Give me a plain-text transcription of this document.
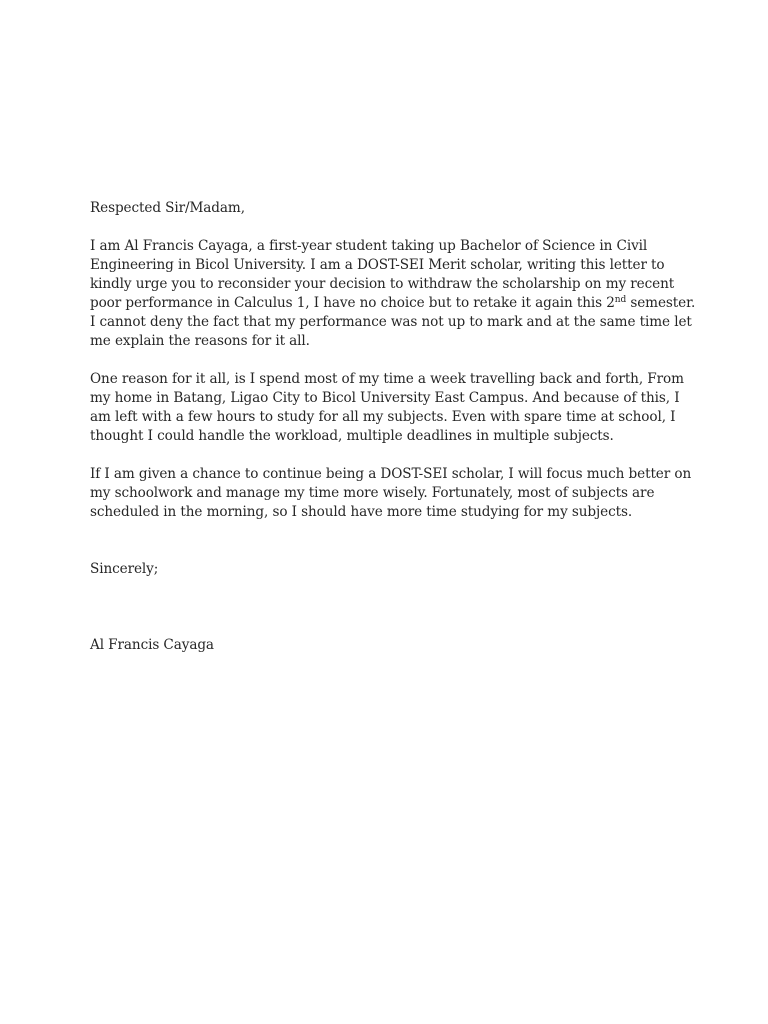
Respected Sir/Madam,
I am Al Francis Cayaga, a first-year student taking up Bachelor of Science in Civil
Engineering in Bicol University. I am a DOST-SEI Merit scholar, writing this letter to
kindly urge you to reconsider your decision to withdraw the scholarship on my recent
poor performance in Calculus 1, I have no choice but to retake it again this 2nd semester.
I cannot deny the fact that my performance was not up to mark and at the same time let
me explain the reasons for it all.
One reason for it all, is I spend most of my time a week travelling back and forth, From
my home in Batang, Ligao City to Bicol University East Campus. And because of this, I
am left with a few hours to study for all my subjects. Even with spare time at school, I
thought I could handle the workload, multiple deadlines in multiple subjects.
If I am given a chance to continue being a DOST-SEI scholar, I will focus much better on
my schoolwork and manage my time more wisely. Fortunately, most of subjects are
scheduled in the morning, so I should have more time studying for my subjects.
Sincerely;
Al Francis Cayaga
